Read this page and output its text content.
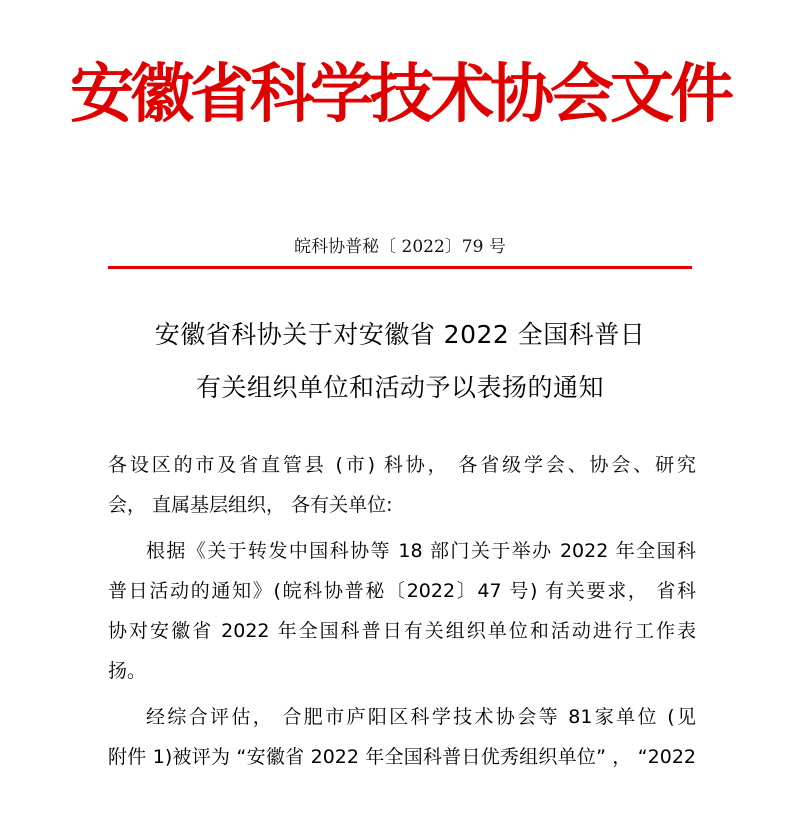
安徽省科学技术协会文件
皖科协普秘〔 2022〕79 号
安徽省科协关于对安徽省 2022 全国科普日
有关组织单位和活动予以表扬的通知
各设区的市及省直管县 (市) 科协， 各省级学会、协会、研究
会， 直属基层组织， 各有关单位:
根据《关于转发中国科协等 18 部门关于举办 2022 年全国科
普日活动的通知》(皖科协普秘〔2022〕47 号) 有关要求， 省科
协对安徽省 2022 年全国科普日有关组织单位和活动进行工作表
扬。
经综合评估， 合肥市庐阳区科学技术协会等 81家单位 (见
附件 1)被评为 “安徽省 2022 年全国科普日优秀组织单位” ， “2022
